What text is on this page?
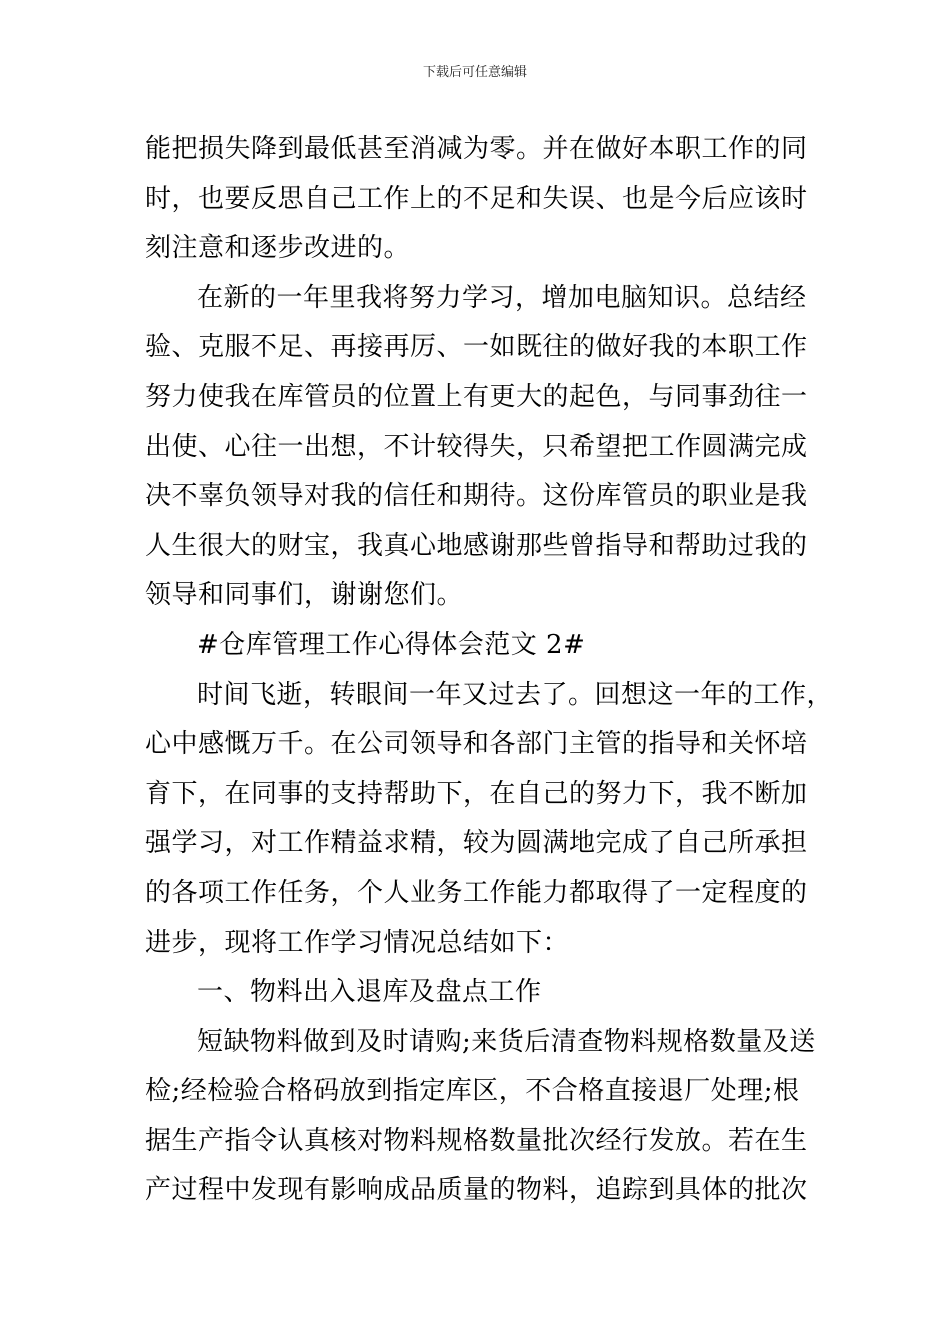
下载后可任意编辑
能把损失降到最低甚至消减为零。并在做好本职工作的同
时，也要反思自己工作上的不足和失误、也是今后应该时
刻注意和逐步改进的。
在新的一年里我将努力学习，增加电脑知识。总结经
验、克服不足、再接再厉、一如既往的做好我的本职工作
努力使我在库管员的位置上有更大的起色，与同事劲往一
出使、心往一出想，不计较得失，只希望把工作圆满完成
决不辜负领导对我的信任和期待。这份库管员的职业是我
人生很大的财宝，我真心地感谢那些曾指导和帮助过我的
领导和同事们，谢谢您们。
#仓库管理工作心得体会范文 2#
时间飞逝，转眼间一年又过去了。回想这一年的工作，
心中感慨万千。在公司领导和各部门主管的指导和关怀培
育下，在同事的支持帮助下，在自己的努力下，我不断加
强学习，对工作精益求精，较为圆满地完成了自己所承担
的各项工作任务，个人业务工作能力都取得了一定程度的
进步，现将工作学习情况总结如下：
一、物料出入退库及盘点工作
短缺物料做到及时请购;来货后清查物料规格数量及送
检;经检验合格码放到指定库区，不合格直接退厂处理;根
据生产指令认真核对物料规格数量批次经行发放。若在生
产过程中发现有影响成品质量的物料，追踪到具体的批次
